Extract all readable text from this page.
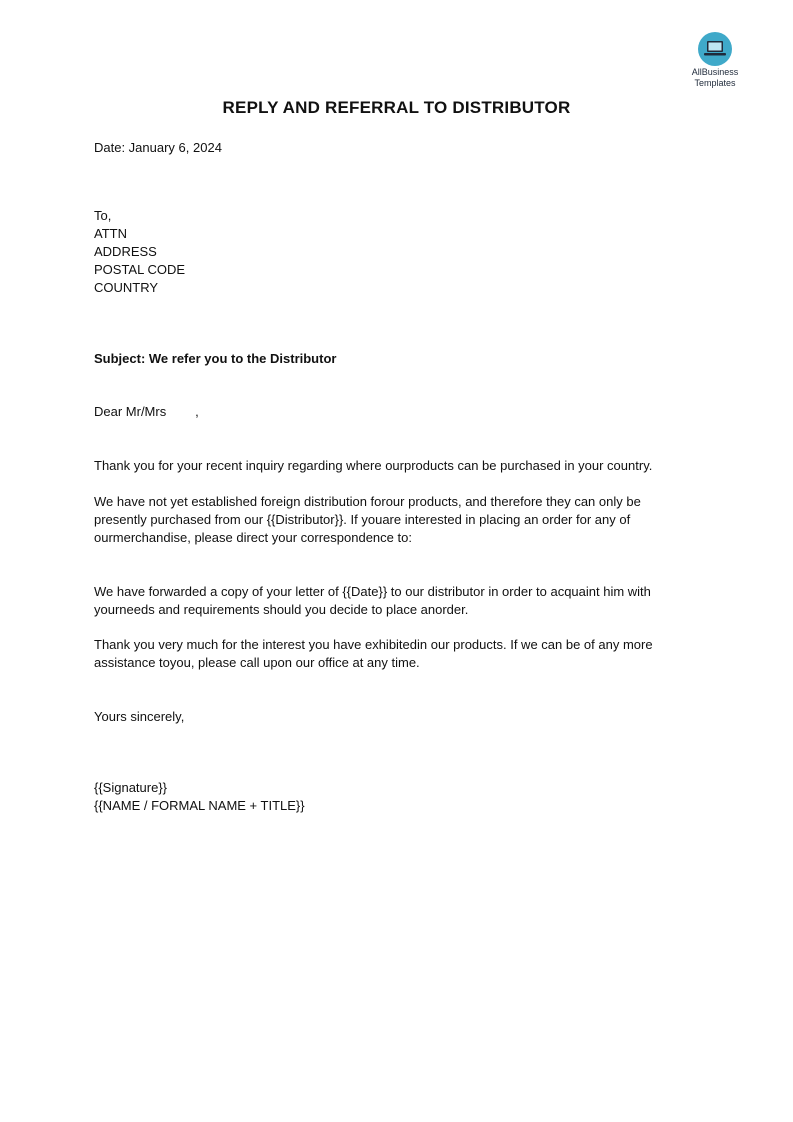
AllBusiness
Templates
REPLY AND REFERRAL TO DISTRIBUTOR
Date: January 6, 2024
To,
ATTN
ADDRESS
POSTAL CODE
COUNTRY
Subject: We refer you to the Distributor
Dear Mr/Mrs        ,
Thank you for your recent inquiry regarding where ourproducts can be purchased in your country.
We have not yet established foreign distribution forour products, and therefore they can only be
presently purchased from our {{Distributor}}. If youare interested in placing an order for any of
ourmerchandise, please direct your correspondence to:
We have forwarded a copy of your letter of {{Date}} to our distributor in order to acquaint him with
yourneeds and requirements should you decide to place anorder.
Thank you very much for the interest you have exhibitedin our products. If we can be of any more
assistance toyou, please call upon our office at any time.
Yours sincerely,
{{Signature}}
{{NAME / FORMAL NAME + TITLE}}
